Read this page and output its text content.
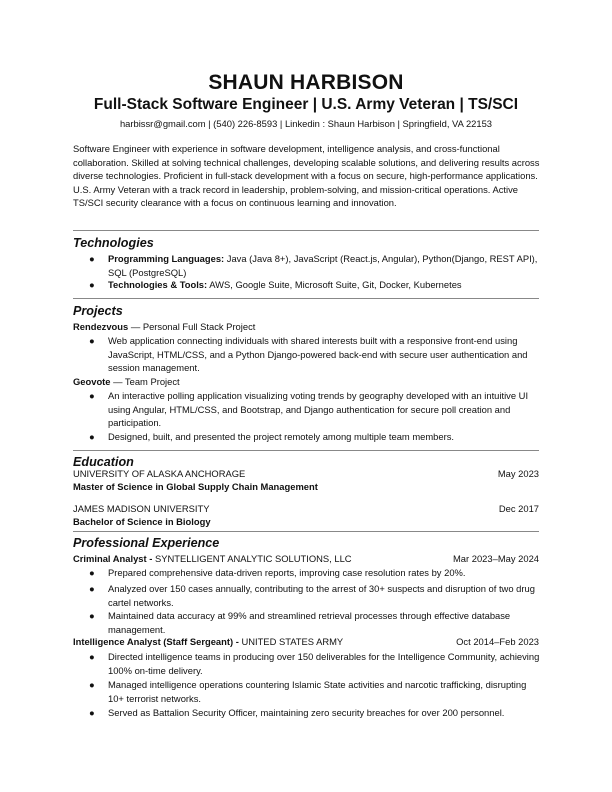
SHAUN HARBISON
Full-Stack Software Engineer | U.S. Army Veteran | TS/SCI
harbissr@gmail.com | (540) 226-8593 | Linkedin : Shaun Harbison | Springfield, VA 22153
Software Engineer with experience in software development, intelligence analysis, and cross-functional collaboration. Skilled at solving technical challenges, developing scalable solutions, and delivering results across diverse technologies. Proficient in full-stack development with a focus on secure, high-performance applications. U.S. Army Veteran with a track record in leadership, problem-solving, and mission-critical operations. Active TS/SCI security clearance with a focus on continuous learning and innovation.
Technologies
● Programming Languages: Java (Java 8+), JavaScript (React.js, Angular), Python(Django, REST API), SQL (PostgreSQL)
● Technologies & Tools: AWS, Google Suite, Microsoft Suite, Git, Docker, Kubernetes
Projects
Rendezvous — Personal Full Stack Project
● Web application connecting individuals with shared interests built with a responsive front-end using JavaScript, HTML/CSS, and a Python Django-powered back-end with secure user authentication and session management.
Geovote — Team Project
● An interactive polling application visualizing voting trends by geography developed with an intuitive UI using Angular, HTML/CSS, and Bootstrap, and Django authentication for secure poll creation and participation.
● Designed, built, and presented the project remotely among multiple team members.
Education
UNIVERSITY OF ALASKA ANCHORAGE	May 2023
Master of Science in Global Supply Chain Management
JAMES MADISON UNIVERSITY	Dec 2017
Bachelor of Science in Biology
Professional Experience
Criminal Analyst - SYNTELLIGENT ANALYTIC SOLUTIONS, LLC	Mar 2023–May 2024
● Prepared comprehensive data-driven reports, improving case resolution rates by 20%.
● Analyzed over 150 cases annually, contributing to the arrest of 30+ suspects and disruption of two drug cartel networks.
● Maintained data accuracy at 99% and streamlined retrieval processes through effective database management.
Intelligence Analyst (Staff Sergeant) - UNITED STATES ARMY	Oct 2014–Feb 2023
● Directed intelligence teams in producing over 150 deliverables for the Intelligence Community, achieving 100% on-time delivery.
● Managed intelligence operations countering Islamic State activities and narcotic trafficking, disrupting 10+ terrorist networks.
● Served as Battalion Security Officer, maintaining zero security breaches for over 200 personnel.
